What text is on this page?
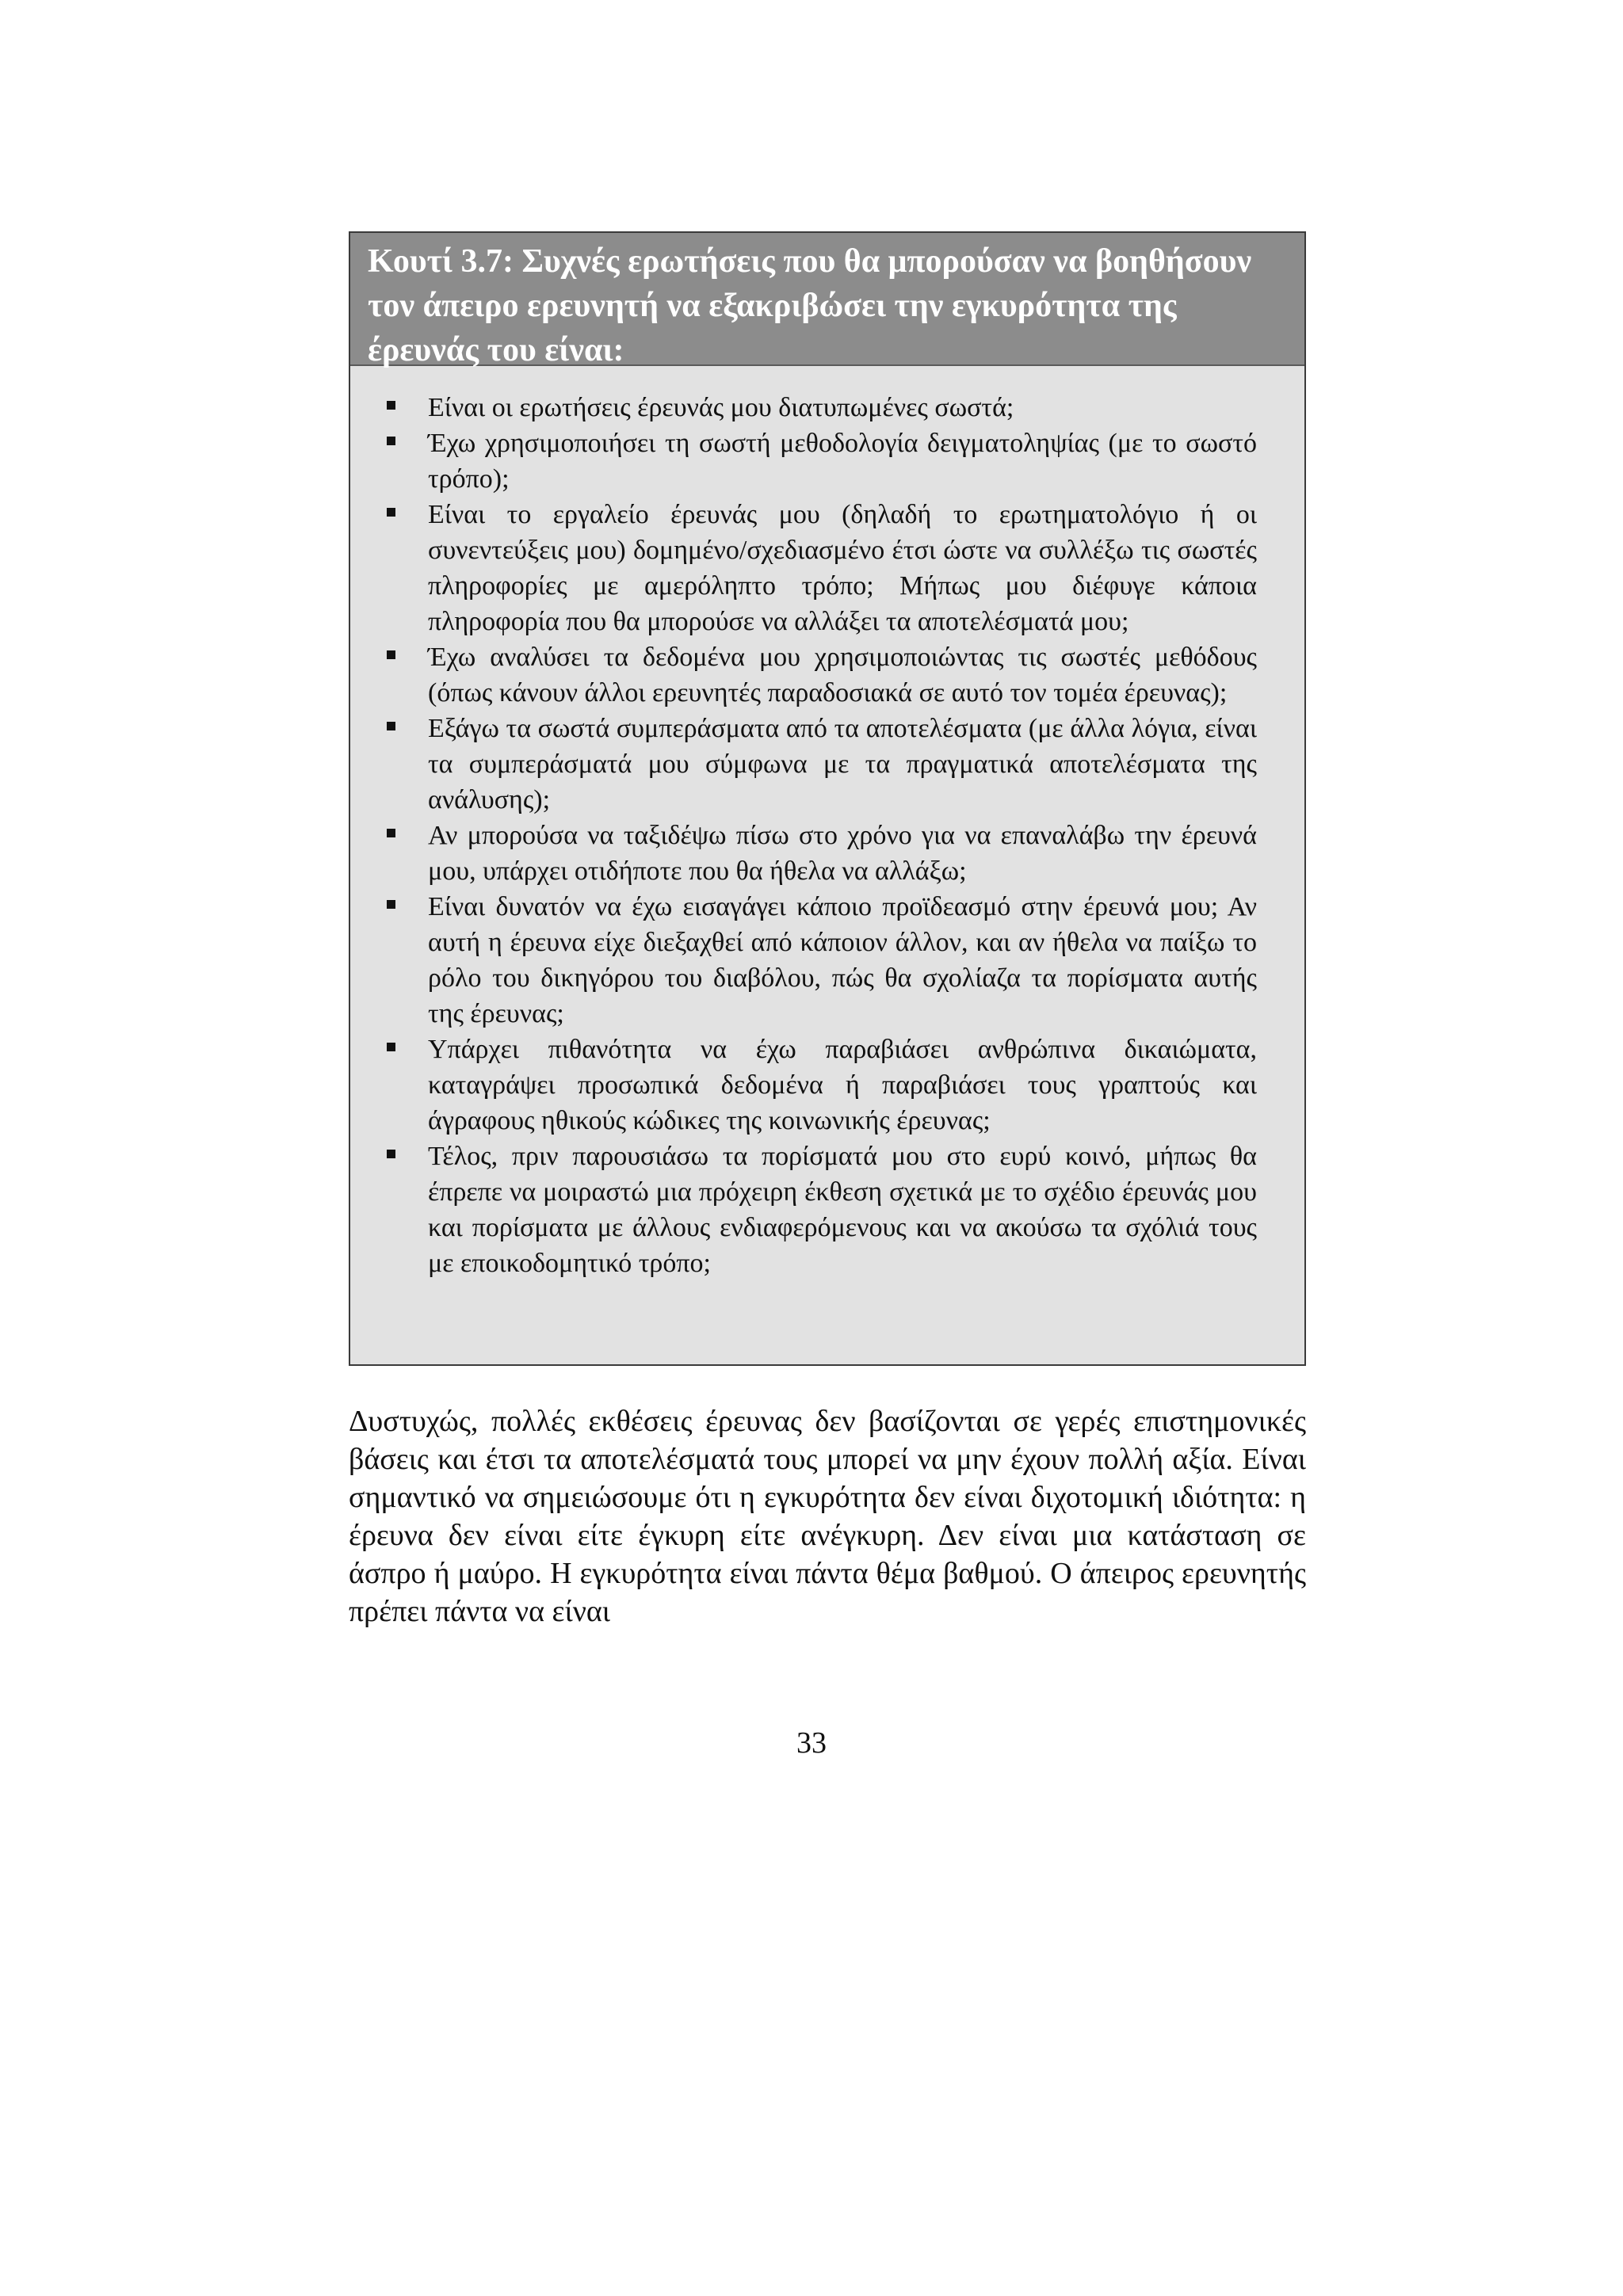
Κουτί 3.7: Συχνές ερωτήσεις που θα μπορούσαν να βοηθήσουν τον άπειρο ερευνητή να εξακριβώσει την εγκυρότητα της έρευνάς του είναι:
Είναι οι ερωτήσεις έρευνάς μου διατυπωμένες σωστά;
Έχω χρησιμοποιήσει τη σωστή μεθοδολογία δειγματοληψίας (με το σωστό τρόπο);
Είναι το εργαλείο έρευνάς μου (δηλαδή το ερωτηματολόγιο ή οι συνεντεύξεις μου) δομημένο/σχεδιασμένο έτσι ώστε να συλλέξω τις σωστές πληροφορίες με αμερόληπτο τρόπο; Μήπως μου διέφυγε κάποια πληροφορία που θα μπορούσε να αλλάξει τα αποτελέσματά μου;
Έχω αναλύσει τα δεδομένα μου χρησιμοποιώντας τις σωστές μεθόδους (όπως κάνουν άλλοι ερευνητές παραδοσιακά σε αυτό τον τομέα έρευνας);
Εξάγω τα σωστά συμπεράσματα από τα αποτελέσματα (με άλλα λόγια, είναι τα συμπεράσματά μου σύμφωνα με τα πραγματικά αποτελέσματα της ανάλυσης);
Αν μπορούσα να ταξιδέψω πίσω στο χρόνο για να επαναλάβω την έρευνά μου, υπάρχει οτιδήποτε που θα ήθελα να αλλάξω;
Είναι δυνατόν να έχω εισαγάγει κάποιο προϊδεασμό στην έρευνά μου; Αν αυτή η έρευνα είχε διεξαχθεί από κάποιον άλλον, και αν ήθελα να παίξω το ρόλο του δικηγόρου του διαβόλου, πώς θα σχολίαζα τα πορίσματα αυτής της έρευνας;
Υπάρχει πιθανότητα να έχω παραβιάσει ανθρώπινα δικαιώματα, καταγράψει προσωπικά δεδομένα ή παραβιάσει τους γραπτούς και άγραφους ηθικούς κώδικες της κοινωνικής έρευνας;
Τέλος, πριν παρουσιάσω τα πορίσματά μου στο ευρύ κοινό, μήπως θα έπρεπε να μοιραστώ μια πρόχειρη έκθεση σχετικά με το σχέδιο έρευνάς μου και πορίσματα με άλλους ενδιαφερόμενους και να ακούσω τα σχόλιά τους με εποικοδομητικό τρόπο;

Δυστυχώς, πολλές εκθέσεις έρευνας δεν βασίζονται σε γερές επιστημονικές βάσεις και έτσι τα αποτελέσματά τους μπορεί να μην έχουν πολλή αξία. Είναι σημαντικό να σημειώσουμε ότι η εγκυρότητα δεν είναι διχοτομική ιδιότητα: η έρευνα δεν είναι είτε έγκυρη είτε ανέγκυρη. Δεν είναι μια κατάσταση σε άσπρο ή μαύρο. Η εγκυρότητα είναι πάντα θέμα βαθμού. Ο άπειρος ερευνητής πρέπει πάντα να είναι

33
